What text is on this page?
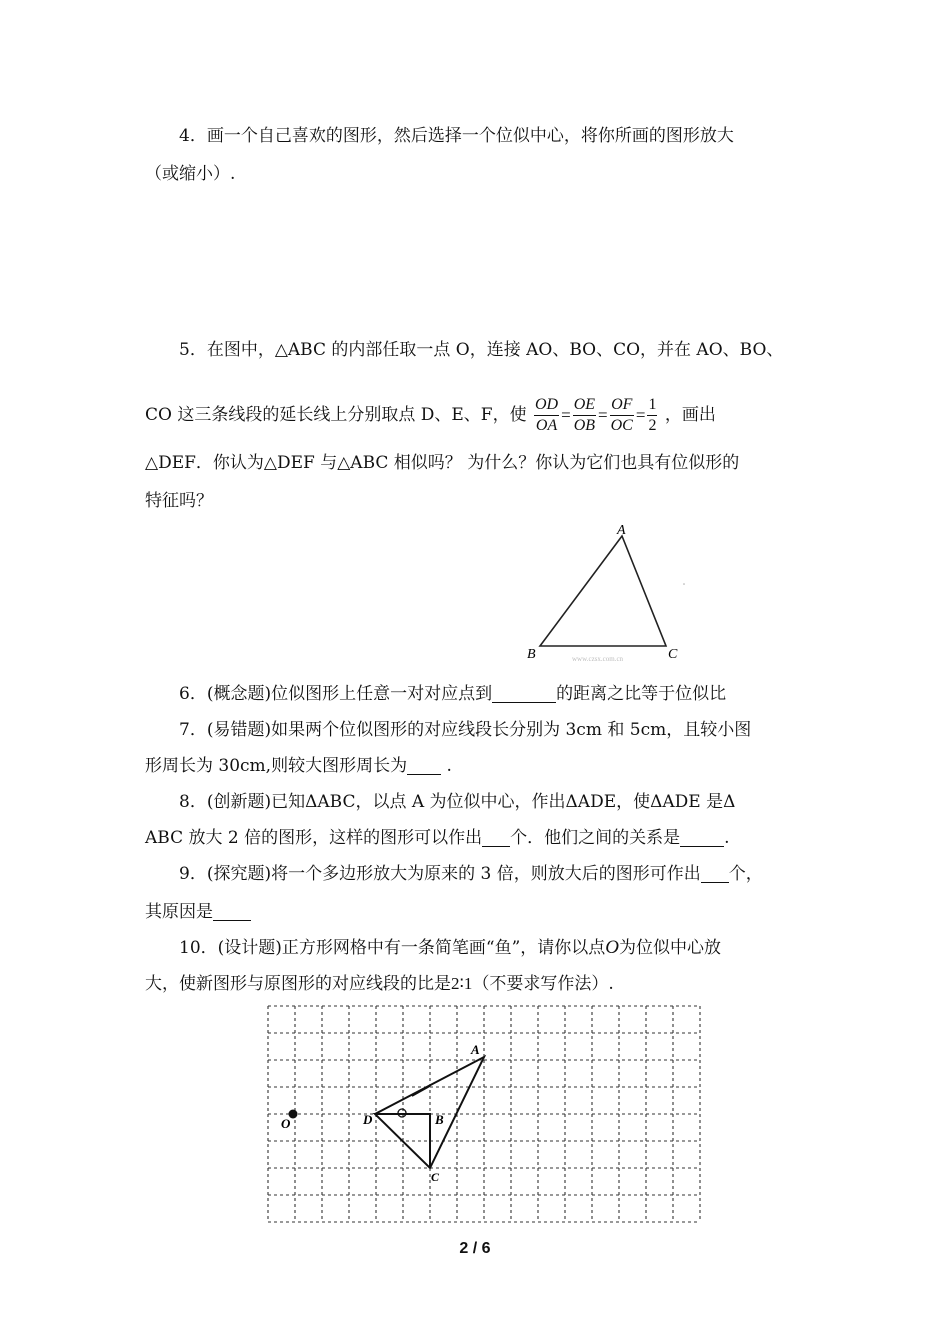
4．画一个自己喜欢的图形，然后选择一个位似中心，将你所画的图形放大
（或缩小）.
5．在图中，△ABC 的内部任取一点 O，连接 AO、BO、CO，并在 AO、BO、
CO 这三条线段的延长线上分别取点 D、E、F，使 $\frac{OD}{OA} = \frac{OE}{OB} = \frac{OF}{OC} = \frac{1}{2}$ ，画出
△DEF．你认为△DEF 与△ABC 相似吗？ 为什么？你认为它们也具有位似形的
特征吗？
A
B	C
www.czsx.com.cn
6．(概念题)位似图形上任意一对对应点到	的距离之比等于位似比
7．(易错题)如果两个位似图形的对应线段长分别为 3cm 和 5cm，且较小图
形周长为 30cm,则较大图形周长为 .
8．(创新题)已知ΔABC，以点 A 为位似中心，作出ΔADE，使ΔADE 是Δ
ABC 放大 2 倍的图形，这样的图形可以作出 个．他们之间的关系是	.
9．(探究题)将一个多边形放大为原来的 3 倍，则放大后的图形可作出 个，
其原因是
10．(设计题)正方形网格中有一条简笔画“鱼”，请你以点O为位似中心放
大，使新图形与原图形的对应线段的比是2∶1（不要求写作法）.
O	D
A
B
C
2 / 6
